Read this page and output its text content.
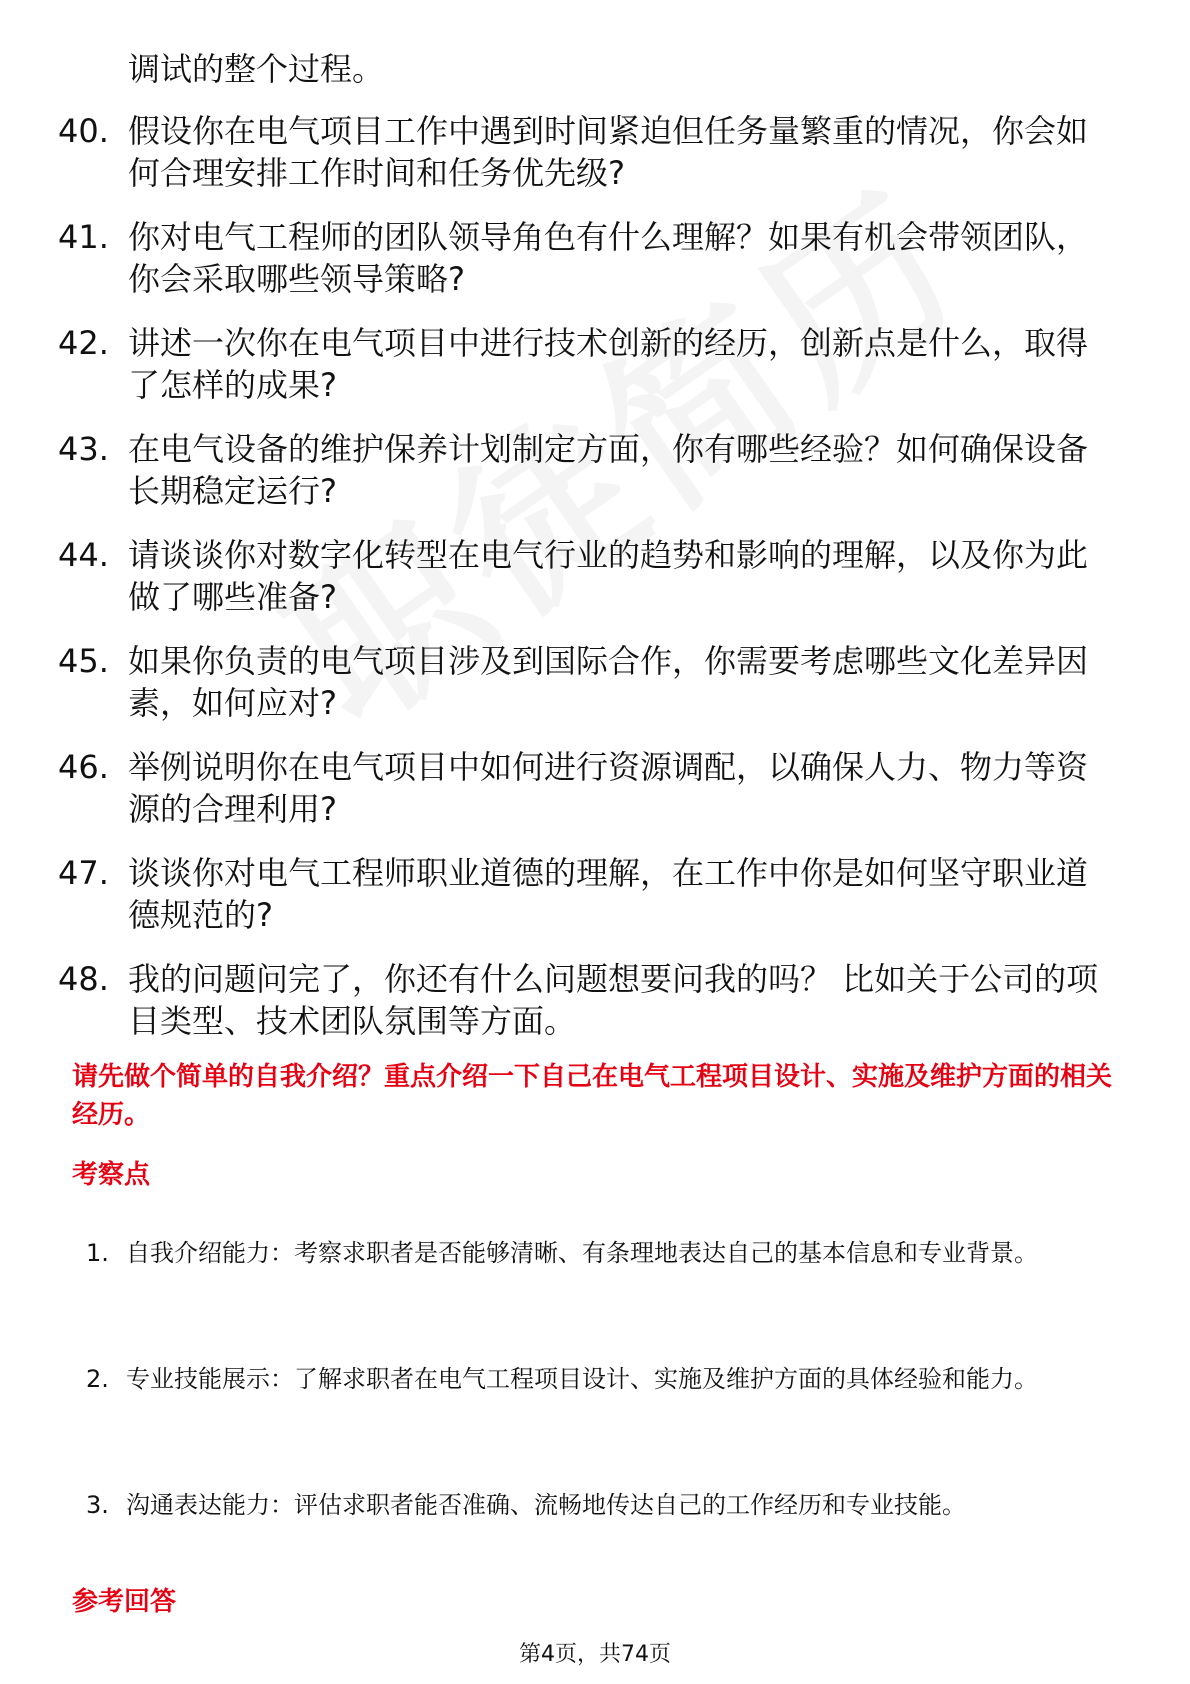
调试的整个过程。
40. 假设你在电气项目工作中遇到时间紧迫但任务量繁重的情况，你会如何合理安排工作时间和任务优先级?
41. 你对电气工程师的团队领导角色有什么理解？如果有机会带领团队，你会采取哪些领导策略?
42. 讲述一次你在电气项目中进行技术创新的经历，创新点是什么，取得了怎样的成果?
43. 在电气设备的维护保养计划制定方面，你有哪些经验？如何确保设备长期稳定运行?
44. 请谈谈你对数字化转型在电气行业的趋势和影响的理解，以及你为此做了哪些准备?
45. 如果你负责的电气项目涉及到国际合作，你需要考虑哪些文化差异因素，如何应对?
46. 举例说明你在电气项目中如何进行资源调配，以确保人力、物力等资源的合理利用?
47. 谈谈你对电气工程师职业道德的理解，在工作中你是如何坚守职业道德规范的?
48. 我的问题问完了，你还有什么问题想要问我的吗？ 比如关于公司的项目类型、技术团队氛围等方面。
请先做个简单的自我介绍？重点介绍一下自己在电气工程项目设计、实施及维护方面的相关经历。
考察点
1. 自我介绍能力：考察求职者是否能够清晰、有条理地表达自己的基本信息和专业背景。
2. 专业技能展示：了解求职者在电气工程项目设计、实施及维护方面的具体经验和能力。
3. 沟通表达能力：评估求职者能否准确、流畅地传达自己的工作经历和专业技能。
参考回答
第4页，共74页
